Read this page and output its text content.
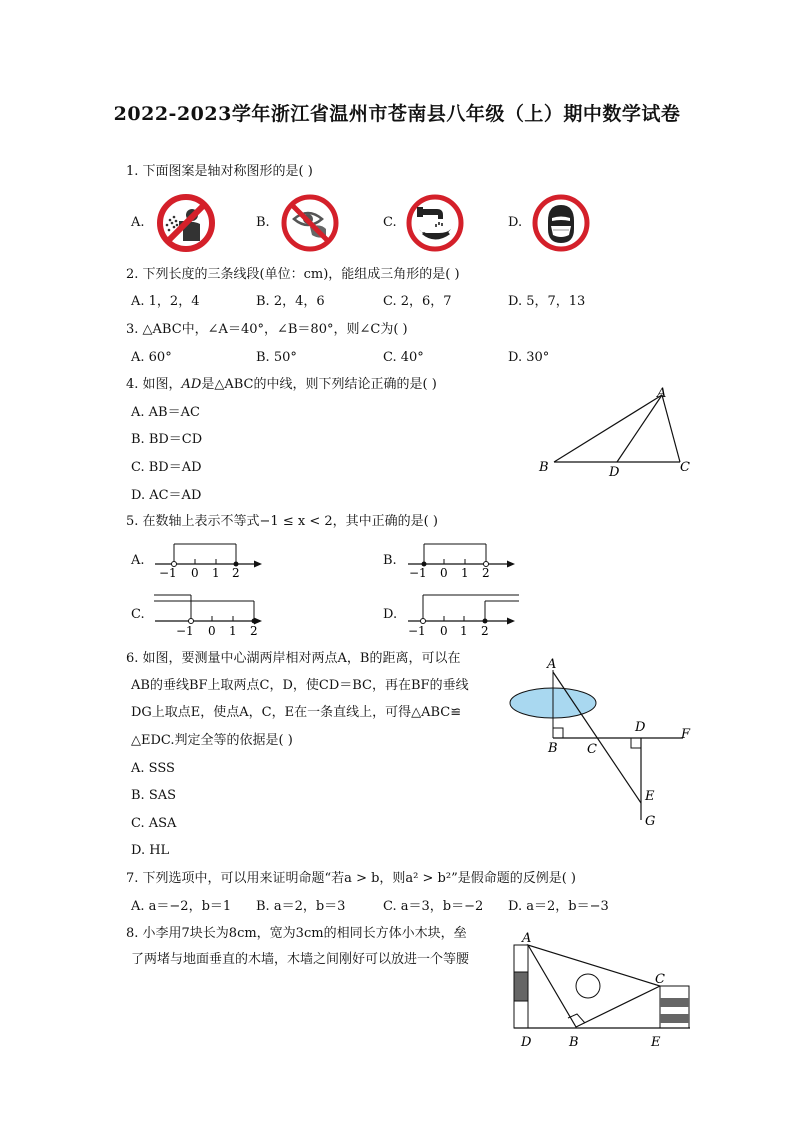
2022-2023学年浙江省温州市苍南县八年级（上）期中数学试卷
1. 下面图案是轴对称图形的是( )
A.	B.	C.	D.
2. 下列长度的三条线段(单位：cm)，能组成三角形的是( )
A. 1，2，4	B. 2，4，6	C. 2，6，7	D. 5，7，13
3. △ABC中，∠A＝40°，∠B＝80°，则∠C为( )
A. 60°	B. 50°	C. 40°	D. 30°
4. 如图，AD是△ABC的中线，则下列结论正确的是( )
A. AB＝AC
B. BD＝CD
C. BD＝AD
D. AC＝AD
A
B	C
D
5. 在数轴上表示不等式−1 ≤ x < 2，其中正确的是( )
A.	B.
C.	D.
−1 0 1 2	−1 0 1 2
−1 0 1 2	−1 0 1 2
6. 如图，要测量中心湖两岸相对两点A，B的距离，可以在
AB的垂线BF上取两点C，D，使CD＝BC，再在BF的垂线
DG上取点E，使点A，C，E在一条直线上，可得△ABC≌
△EDC.判定全等的依据是( )
A. SSS
B. SAS
C. ASA
D. HL
A
B C
D
E
F
G
7. 下列选项中，可以用来证明命题“若a > b，则a² > b²”是假命题的反例是( )
A. a＝−2，b＝1 B. a＝2，b＝3	C. a＝3，b＝−2 D. a＝2，b＝−3
8. 小李用7块长为8cm，宽为3cm的相同长方体小木块，垒
了两堵与地面垂直的木墙，木墙之间刚好可以放进一个等腰
A
B
C
D	E
